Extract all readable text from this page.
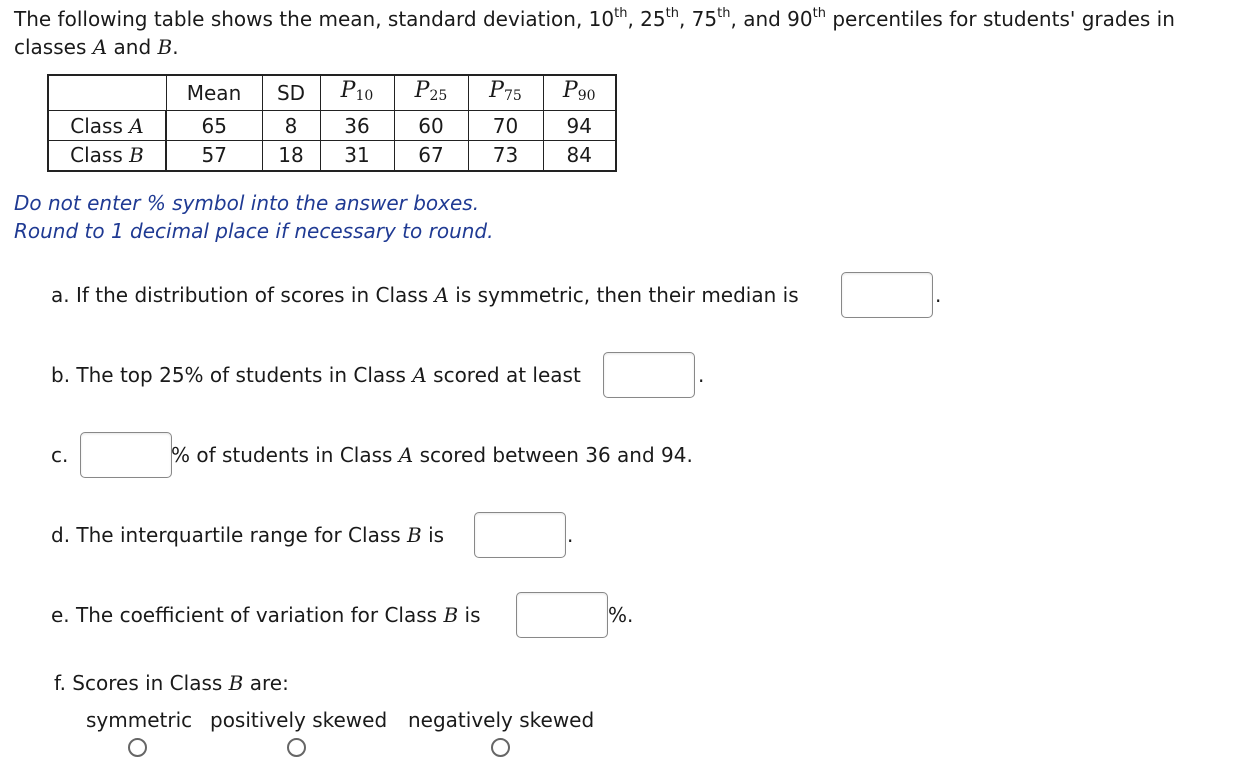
The following table shows the mean, standard deviation, 10th, 25th, 75th, and 90th percentiles for students' grades in classes A and B.
	Mean	SD	P10	P25	P75	P90
Class A	65	8	36	60	70	94
Class B	57	18	31	67	73	84
Do not enter % symbol into the answer boxes.
Round to 1 decimal place if necessary to round.
a. If the distribution of scores in Class A is symmetric, then their median is	.
b. The top 25% of students in Class A scored at least	.
c.	% of students in Class A scored between 36 and 94.
d. The interquartile range for Class B is	.
e. The coefficient of variation for Class B is	%.
f. Scores in Class B are:
symmetric positively skewed negatively skewed
